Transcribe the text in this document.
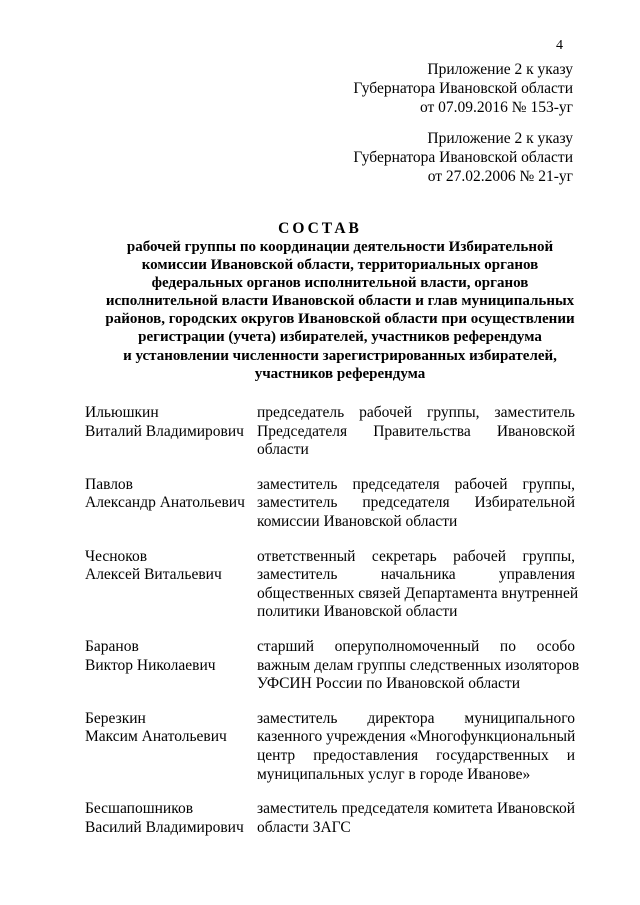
4
Приложение 2 к указу
Губернатора Ивановской области
от 07.09.2016 № 153-уг
Приложение 2 к указу
Губернатора Ивановской области
от 27.02.2006 № 21-уг
СОСТАВ
рабочей группы по координации деятельности Избирательной
комиссии Ивановской области, территориальных органов
федеральных органов исполнительной власти, органов
исполнительной власти Ивановской области и глав муниципальных
районов, городских округов Ивановской области при осуществлении
регистрации (учета) избирателей, участников референдума
и установлении численности зарегистрированных избирателей,
участников референдума
Ильюшкин
Виталий Владимирович
председатель рабочей группы, заместитель
Председателя Правительства Ивановской
области
Павлов
Александр Анатольевич
заместитель председателя рабочей группы,
заместитель председателя Избирательной
комиссии Ивановской области
Чесноков
Алексей Витальевич
ответственный секретарь рабочей группы,
заместитель начальника управления
общественных связей Департамента внутренней
политики Ивановской области
Баранов
Виктор Николаевич
старший оперуполномоченный по особо
важным делам группы следственных изоляторов
УФСИН России по Ивановской области
Березкин
Максим Анатольевич
заместитель директора муниципального
казенного учреждения «Многофункциональный
центр предоставления государственных и
муниципальных услуг в городе Иванове»
Бесшапошников
Василий Владимирович
заместитель председателя комитета Ивановской
области ЗАГС
